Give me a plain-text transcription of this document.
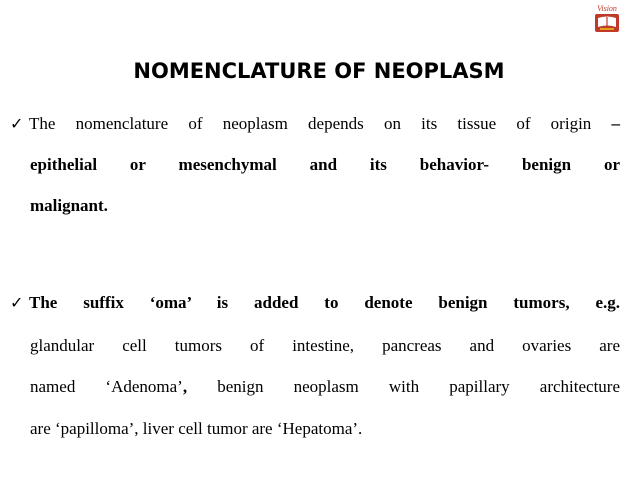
Vision
NOMENCLATURE OF NEOPLASM
✓ The nomenclature of neoplasm depends on its tissue of origin –
epithelial or mesenchymal and its behavior- benign or
malignant.
✓ The suffix ‘oma’ is added to denote benign tumors, e.g.
glandular cell tumors of intestine, pancreas and ovaries are
named ‘Adenoma’, benign neoplasm with papillary architecture
are ‘papilloma’, liver cell tumor are ‘Hepatoma’.
